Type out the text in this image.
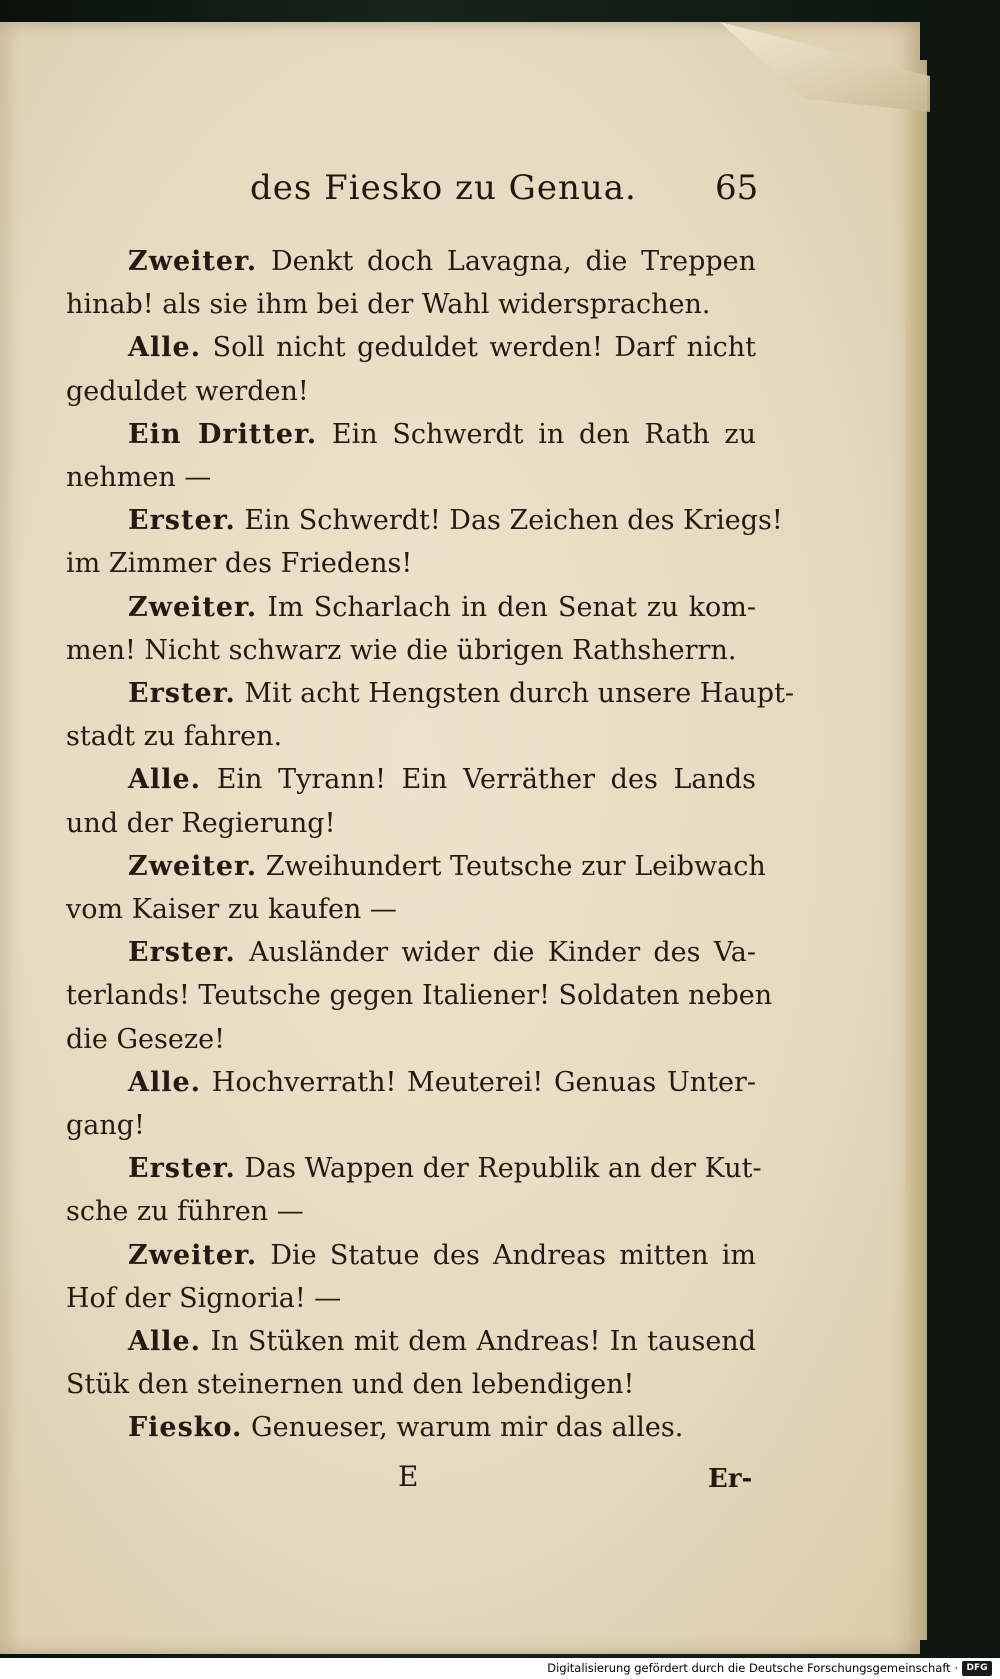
des Fiesko zu Genua. 65
Zweiter. Denkt doch Lavagna, die Treppen
hinab! als sie ihm bei der Wahl widersprachen.
Alle. Soll nicht geduldet werden! Darf nicht
geduldet werden!
Ein Dritter. Ein Schwerdt in den Rath zu
nehmen —
Erster. Ein Schwerdt! Das Zeichen des Kriegs!
im Zimmer des Friedens!
Zweiter. Im Scharlach in den Senat zu kom-
men! Nicht schwarz wie die übrigen Rathsherrn.
Erster. Mit acht Hengsten durch unsere Haupt-
stadt zu fahren.
Alle. Ein Tyrann! Ein Verräther des Lands
und der Regierung!
Zweiter. Zweihundert Teutsche zur Leibwach
vom Kaiser zu kaufen —
Erster. Ausländer wider die Kinder des Va-
terlands! Teutsche gegen Italiener! Soldaten neben
die Geseze!
Alle. Hochverrath! Meuterei! Genuas Unter-
gang!
Erster. Das Wappen der Republik an der Kut-
sche zu führen —
Zweiter. Die Statue des Andreas mitten im
Hof der Signoria! —
Alle. In Stüken mit dem Andreas! In tausend
Stük den steinernen und den lebendigen!
Fiesko. Genueser, warum mir das alles.
E	Er-
Digitalisierung gefördert durch die Deutsche Forschungsgemeinschaft · DFG
